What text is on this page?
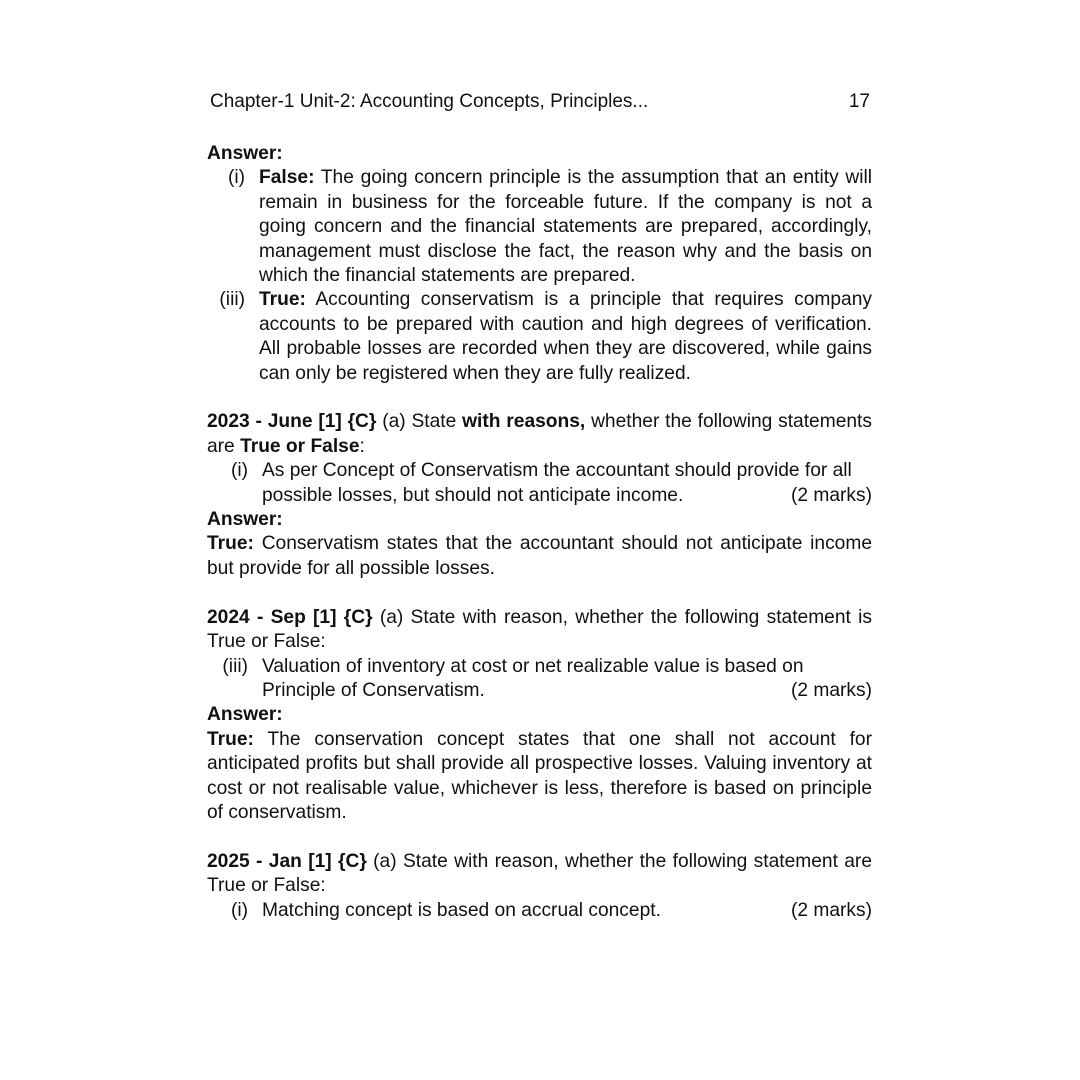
Chapter-1 Unit-2: Accounting Concepts, Principles...	17

Answer:

(i) False: The going concern principle is the assumption that an entity will remain in business for the forceable future. If the company is not a going concern and the financial statements are prepared, accordingly, management must disclose the fact, the reason why and the basis on which the financial statements are prepared.
(iii) True: Accounting conservatism is a principle that requires company accounts to be prepared with caution and high degrees of verification. All probable losses are recorded when they are discovered, while gains can only be registered when they are fully realized.

2023 - June [1] {C} (a) State with reasons, whether the following statements are True or False:

(i) As per Concept of Conservatism the accountant should provide for all
possible losses, but should not anticipate income.	(2 marks)

Answer:

True: Conservatism states that the accountant should not anticipate income but provide for all possible losses.

2024 - Sep [1] {C} (a) State with reason, whether the following statement is True or False:

(iii) Valuation of inventory at cost or net realizable value is based on
Principle of Conservatism.	(2 marks)

Answer:

True: The conservation concept states that one shall not account for anticipated profits but shall provide all prospective losses. Valuing inventory at cost or not realisable value, whichever is less, therefore is based on principle of conservatism.

2025 - Jan [1] {C} (a) State with reason, whether the following statement are True or False:

(i) Matching concept is based on accrual concept.	(2 marks)
